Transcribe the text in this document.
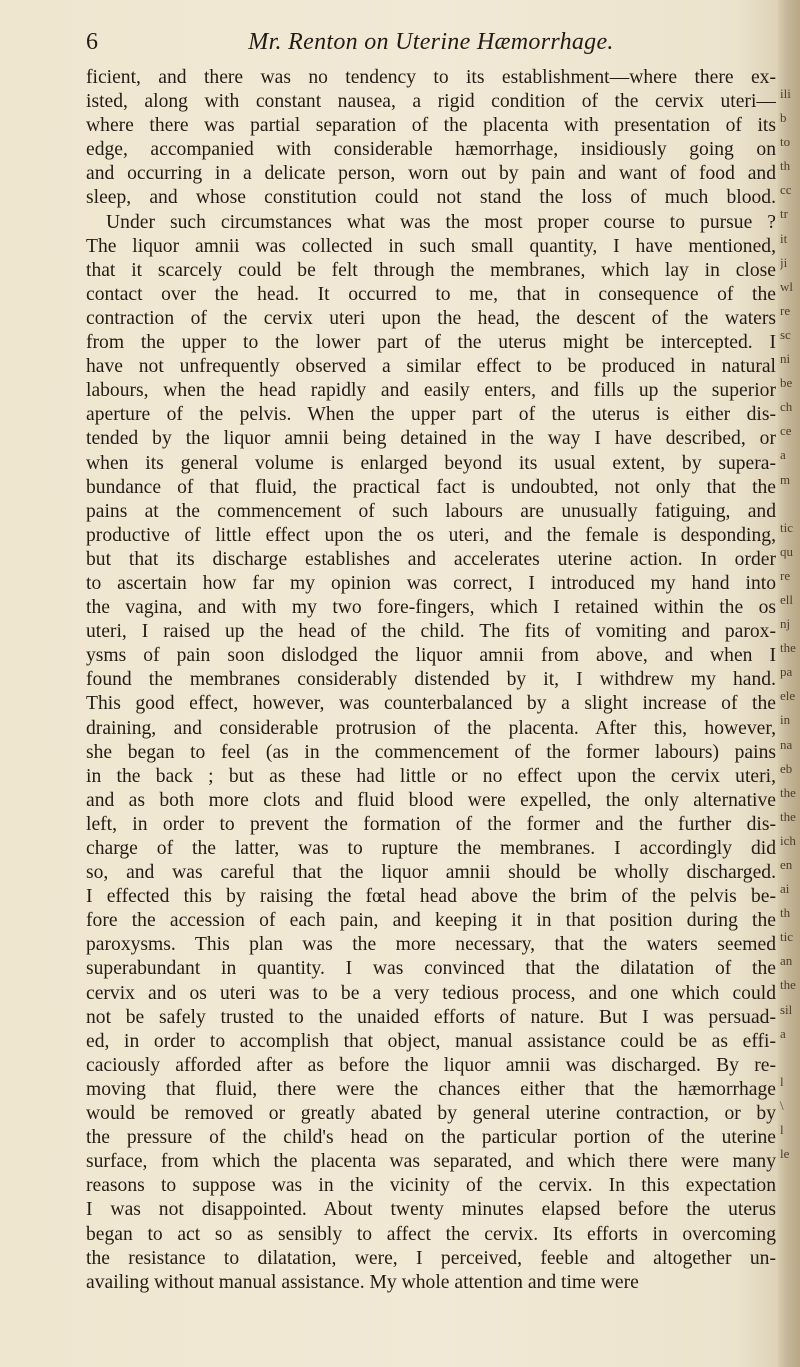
6	Mr. Renton on Uterine Hæmorrhage.
ficient, and there was no tendency to its establishment—where there ex-
isted, along with constant nausea, a rigid condition of the cervix uteri—
where there was partial separation of the placenta with presentation of its
edge, accompanied with considerable hæmorrhage, insidiously going on
and occurring in a delicate person, worn out by pain and want of food and
sleep, and whose constitution could not stand the loss of much blood.
Under such circumstances what was the most proper course to pursue ?
The liquor amnii was collected in such small quantity, I have mentioned,
that it scarcely could be felt through the membranes, which lay in close
contact over the head. It occurred to me, that in consequence of the
contraction of the cervix uteri upon the head, the descent of the waters
from the upper to the lower part of the uterus might be intercepted. I
have not unfrequently observed a similar effect to be produced in natural
labours, when the head rapidly and easily enters, and fills up the superior
aperture of the pelvis. When the upper part of the uterus is either dis-
tended by the liquor amnii being detained in the way I have described, or
when its general volume is enlarged beyond its usual extent, by supera-
bundance of that fluid, the practical fact is undoubted, not only that the
pains at the commencement of such labours are unusually fatiguing, and
productive of little effect upon the os uteri, and the female is desponding,
but that its discharge establishes and accelerates uterine action. In order
to ascertain how far my opinion was correct, I introduced my hand into
the vagina, and with my two fore-fingers, which I retained within the os
uteri, I raised up the head of the child. The fits of vomiting and parox-
ysms of pain soon dislodged the liquor amnii from above, and when I
found the membranes considerably distended by it, I withdrew my hand.
This good effect, however, was counterbalanced by a slight increase of the
draining, and considerable protrusion of the placenta. After this, however,
she began to feel (as in the commencement of the former labours) pains
in the back ; but as these had little or no effect upon the cervix uteri,
and as both more clots and fluid blood were expelled, the only alternative
left, in order to prevent the formation of the former and the further dis-
charge of the latter, was to rupture the membranes. I accordingly did
so, and was careful that the liquor amnii should be wholly discharged.
I effected this by raising the fœtal head above the brim of the pelvis be-
fore the accession of each pain, and keeping it in that position during the
paroxysms. This plan was the more necessary, that the waters seemed
superabundant in quantity. I was convinced that the dilatation of the
cervix and os uteri was to be a very tedious process, and one which could
not be safely trusted to the unaided efforts of nature. But I was persuad-
ed, in order to accomplish that object, manual assistance could be as effi-
caciously afforded after as before the liquor amnii was discharged. By re-
moving that fluid, there were the chances either that the hæmorrhage
would be removed or greatly abated by general uterine contraction, or by
the pressure of the child's head on the particular portion of the uterine
surface, from which the placenta was separated, and which there were many
reasons to suppose was in the vicinity of the cervix. In this expectation
I was not disappointed. About twenty minutes elapsed before the uterus
began to act so as sensibly to affect the cervix. Its efforts in overcoming
the resistance to dilatation, were, I perceived, feeble and altogether un-
availing without manual assistance. My whole attention and time were
ili
b
to
th
cc
tr
it
ji
wl
re
sc
ni
be
ch
ce
a
m
tic
qu
re
ell
nj
the
pa
ele
in
na
eb
the
the
ich
en
ai
th
tic
an
the
sil
a
l
\
l
le
